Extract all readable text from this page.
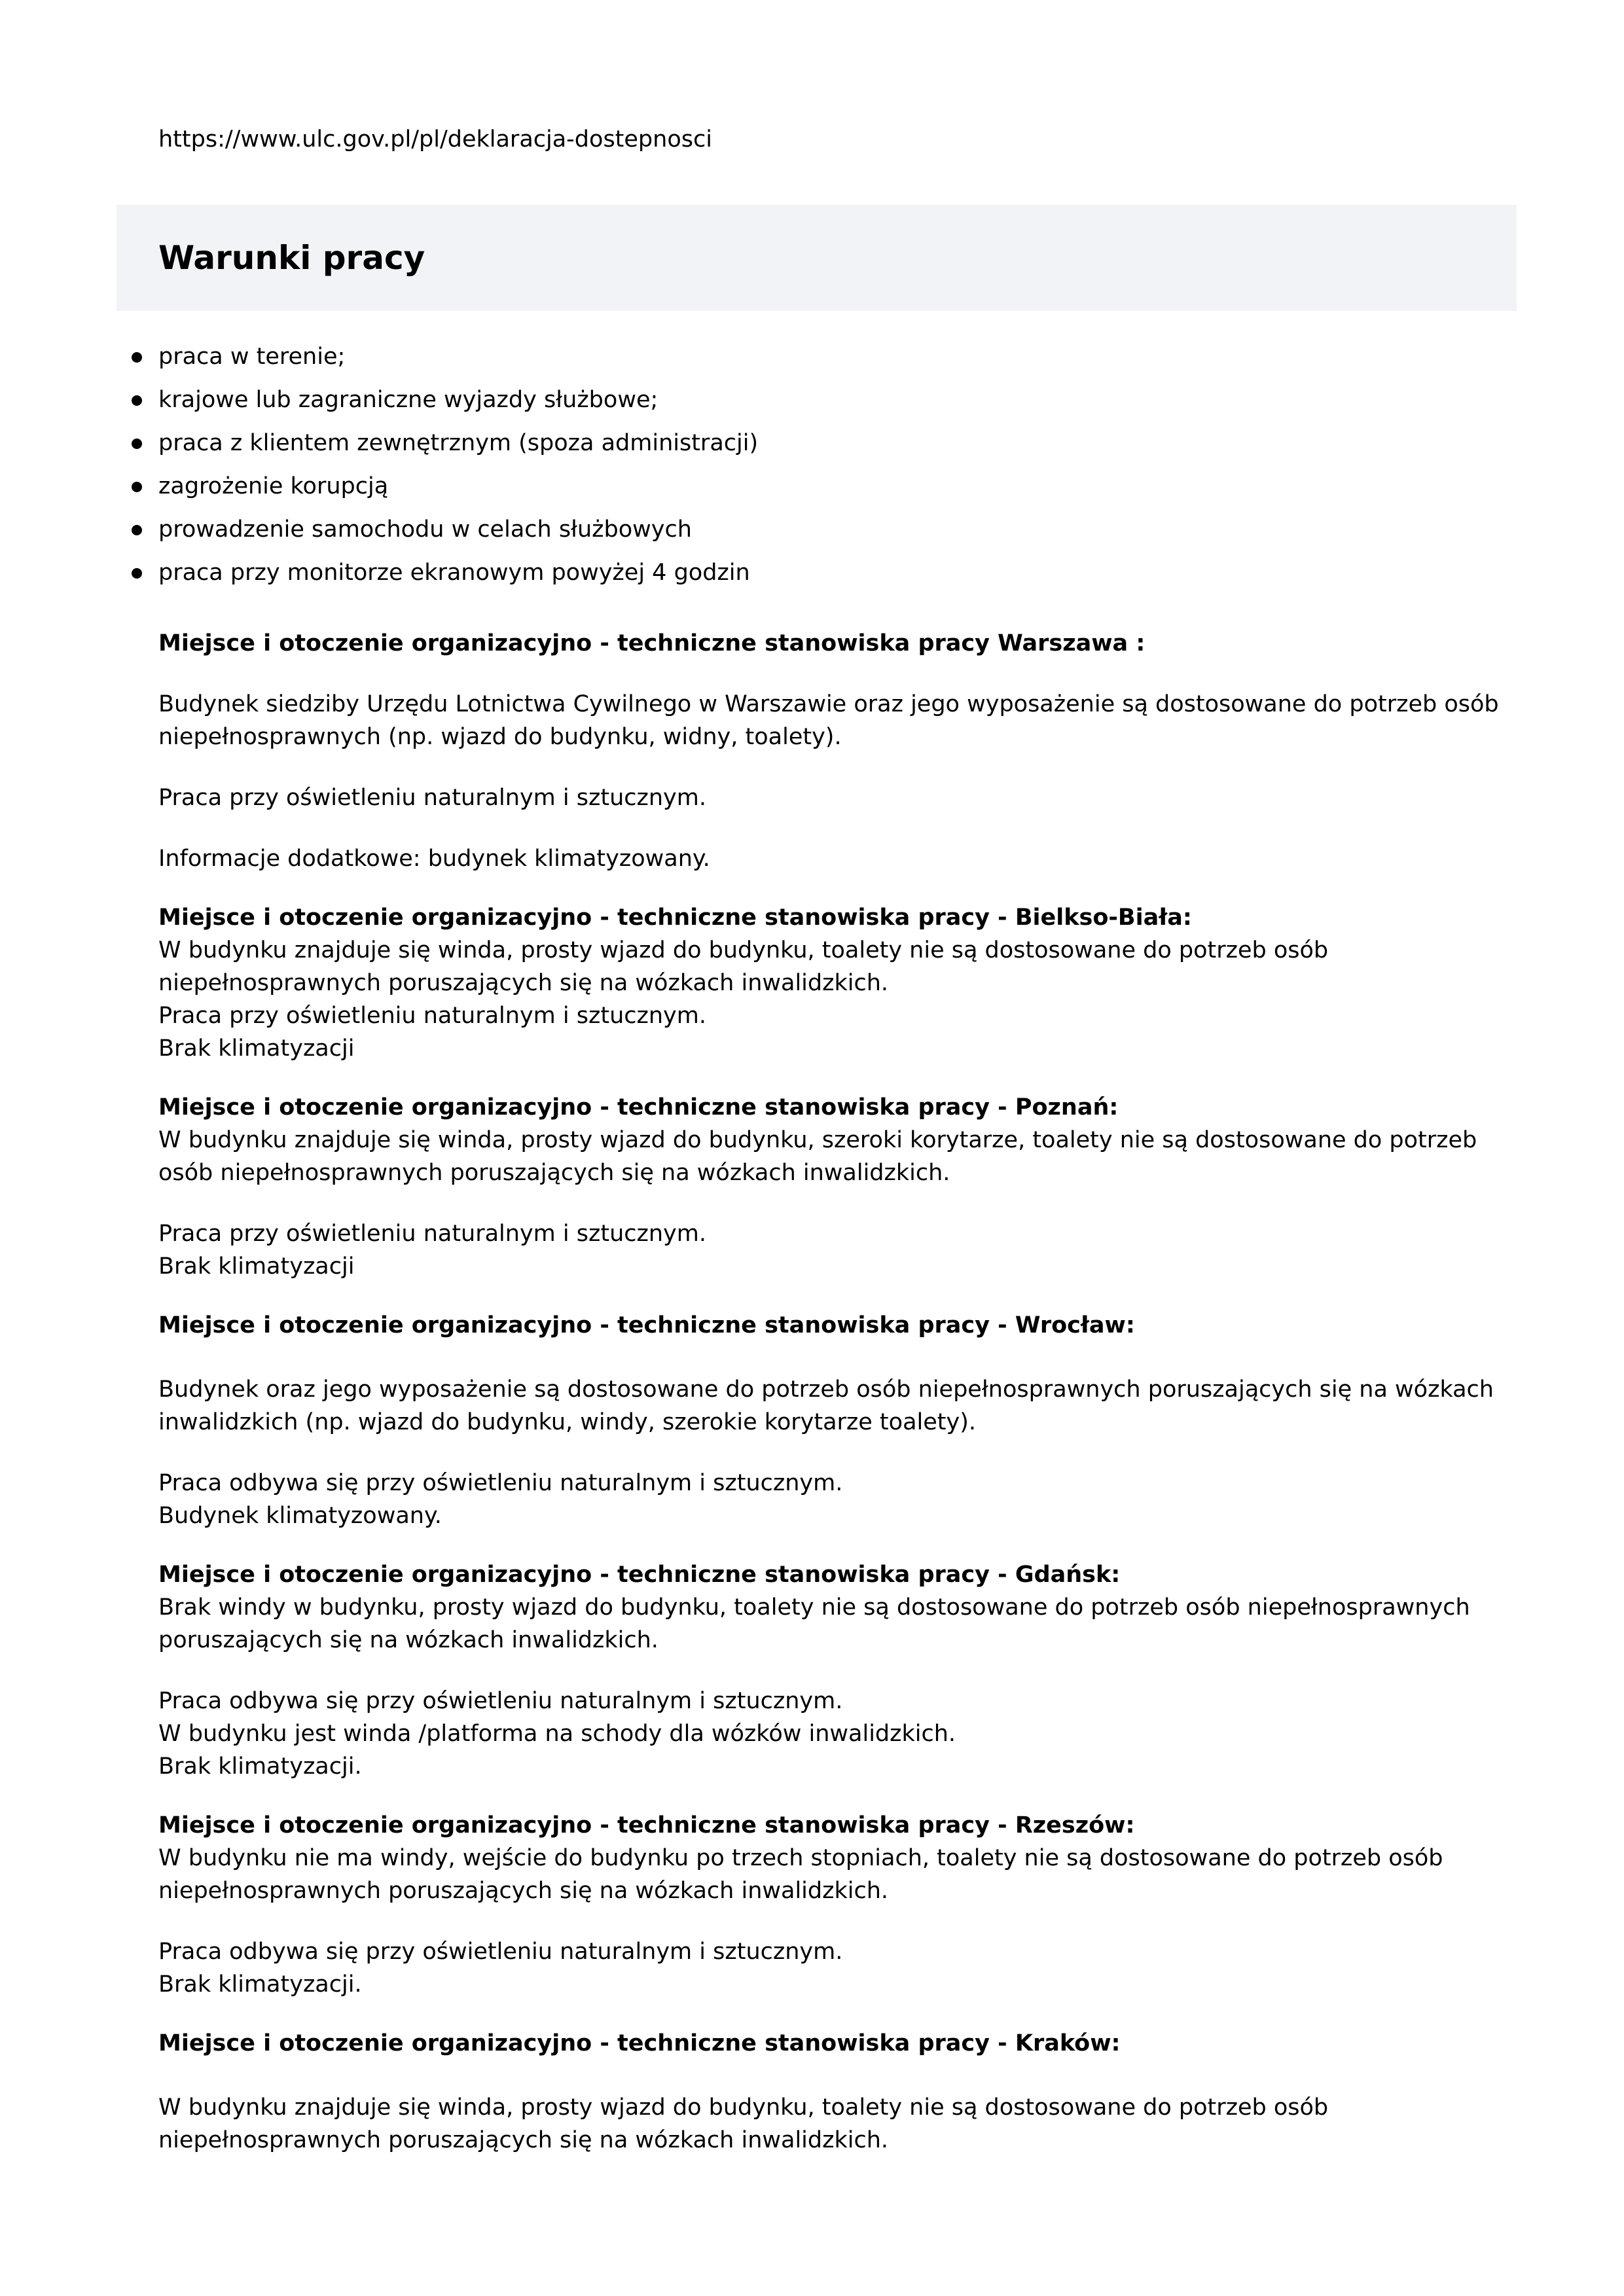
https://www.ulc.gov.pl/pl/deklaracja-dostepnosci
Warunki pracy
praca w terenie;
krajowe lub zagraniczne wyjazdy służbowe;
praca z klientem zewnętrznym (spoza administracji)
zagrożenie korupcją
prowadzenie samochodu w celach służbowych
praca przy monitorze ekranowym powyżej 4 godzin
Miejsce i otoczenie organizacyjno - techniczne stanowiska pracy Warszawa :
Budynek siedziby Urzędu Lotnictwa Cywilnego w Warszawie oraz jego wyposażenie są dostosowane do potrzeb osób niepełnosprawnych (np. wjazd do budynku, widny, toalety).
Praca przy oświetleniu naturalnym i sztucznym.
Informacje dodatkowe: budynek klimatyzowany.
Miejsce i otoczenie organizacyjno - techniczne stanowiska pracy - Bielkso-Biała:
W budynku znajduje się winda, prosty wjazd do budynku, toalety nie są dostosowane do potrzeb osób niepełnosprawnych poruszających się na wózkach inwalidzkich.
Praca przy oświetleniu naturalnym i sztucznym.
Brak klimatyzacji
Miejsce i otoczenie organizacyjno - techniczne stanowiska pracy - Poznań:
W budynku znajduje się winda, prosty wjazd do budynku, szeroki korytarze, toalety nie są dostosowane do potrzeb osób niepełnosprawnych poruszających się na wózkach inwalidzkich.
Praca przy oświetleniu naturalnym i sztucznym.
Brak klimatyzacji
Miejsce i otoczenie organizacyjno - techniczne stanowiska pracy - Wrocław:
Budynek oraz jego wyposażenie są dostosowane do potrzeb osób niepełnosprawnych poruszających się na wózkach inwalidzkich (np. wjazd do budynku, windy, szerokie korytarze toalety).
Praca odbywa się przy oświetleniu naturalnym i sztucznym.
Budynek klimatyzowany.
Miejsce i otoczenie organizacyjno - techniczne stanowiska pracy - Gdańsk:
Brak windy w budynku, prosty wjazd do budynku, toalety nie są dostosowane do potrzeb osób niepełnosprawnych poruszających się na wózkach inwalidzkich.
Praca odbywa się przy oświetleniu naturalnym i sztucznym.
W budynku jest winda /platforma na schody dla wózków inwalidzkich.
Brak klimatyzacji.
Miejsce i otoczenie organizacyjno - techniczne stanowiska pracy - Rzeszów:
W budynku nie ma windy, wejście do budynku po trzech stopniach, toalety nie są dostosowane do potrzeb osób niepełnosprawnych poruszających się na wózkach inwalidzkich.
Praca odbywa się przy oświetleniu naturalnym i sztucznym.
Brak klimatyzacji.
Miejsce i otoczenie organizacyjno - techniczne stanowiska pracy - Kraków:
W budynku znajduje się winda, prosty wjazd do budynku, toalety nie są dostosowane do potrzeb osób niepełnosprawnych poruszających się na wózkach inwalidzkich.
